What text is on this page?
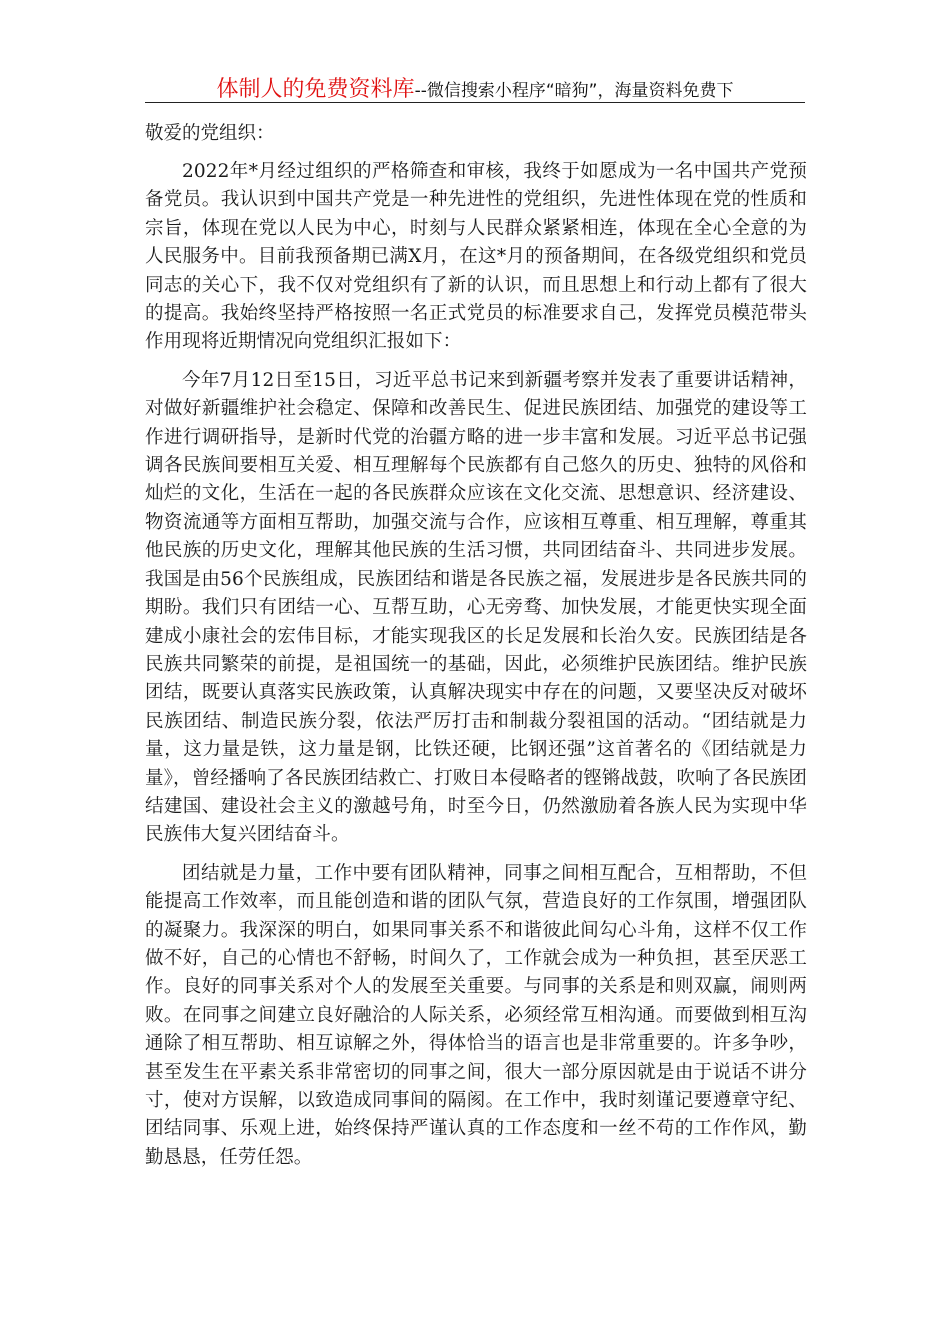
体制人的免费资料库--微信搜索小程序“暗狗”，海量资料免费下
敬爱的党组织：

2022年*月经过组织的严格筛查和审核，我终于如愿成为一名中国共产党预备党员。我认识到中国共产党是一种先进性的党组织，先进性体现在党的性质和宗旨，体现在党以人民为中心，时刻与人民群众紧紧相连，体现在全心全意的为人民服务中。目前我预备期已满X月，在这*月的预备期间，在各级党组织和党员同志的关心下，我不仅对党组织有了新的认识，而且思想上和行动上都有了很大的提高。我始终坚持严格按照一名正式党员的标准要求自己，发挥党员模范带头作用现将近期情况向党组织汇报如下：

今年7月12日至15日，习近平总书记来到新疆考察并发表了重要讲话精神，对做好新疆维护社会稳定、保障和改善民生、促进民族团结、加强党的建设等工作进行调研指导，是新时代党的治疆方略的进一步丰富和发展。习近平总书记强调各民族间要相互关爱、相互理解每个民族都有自己悠久的历史、独特的风俗和灿烂的文化，生活在一起的各民族群众应该在文化交流、思想意识、经济建设、物资流通等方面相互帮助，加强交流与合作，应该相互尊重、相互理解，尊重其他民族的历史文化，理解其他民族的生活习惯，共同团结奋斗、共同进步发展。我国是由56个民族组成，民族团结和谐是各民族之福，发展进步是各民族共同的期盼。我们只有团结一心、互帮互助，心无旁骛、加快发展，才能更快实现全面建成小康社会的宏伟目标，才能实现我区的长足发展和长治久安。民族团结是各民族共同繁荣的前提，是祖国统一的基础，因此，必须维护民族团结。维护民族团结，既要认真落实民族政策，认真解决现实中存在的问题，又要坚决反对破坏民族团结、制造民族分裂，依法严厉打击和制裁分裂祖国的活动。“团结就是力量，这力量是铁，这力量是钢，比铁还硬，比钢还强”这首著名的《团结就是力量》，曾经播响了各民族团结救亡、打败日本侵略者的铿锵战鼓，吹响了各民族团结建国、建设社会主义的激越号角，时至今日，仍然激励着各族人民为实现中华民族伟大复兴团结奋斗。

团结就是力量，工作中要有团队精神，同事之间相互配合，互相帮助，不但能提高工作效率，而且能创造和谐的团队气氛，营造良好的工作氛围，增强团队的凝聚力。我深深的明白，如果同事关系不和谐彼此间勾心斗角，这样不仅工作做不好，自己的心情也不舒畅，时间久了，工作就会成为一种负担，甚至厌恶工作。良好的同事关系对个人的发展至关重要。与同事的关系是和则双赢，闹则两败。在同事之间建立良好融洽的人际关系，必须经常互相沟通。而要做到相互沟通除了相互帮助、相互谅解之外，得体恰当的语言也是非常重要的。许多争吵，甚至发生在平素关系非常密切的同事之间，很大一部分原因就是由于说话不讲分寸，使对方误解，以致造成同事间的隔阂。在工作中，我时刻谨记要遵章守纪、团结同事、乐观上进，始终保持严谨认真的工作态度和一丝不苟的工作作风，勤勤恳恳，任劳任怨。
